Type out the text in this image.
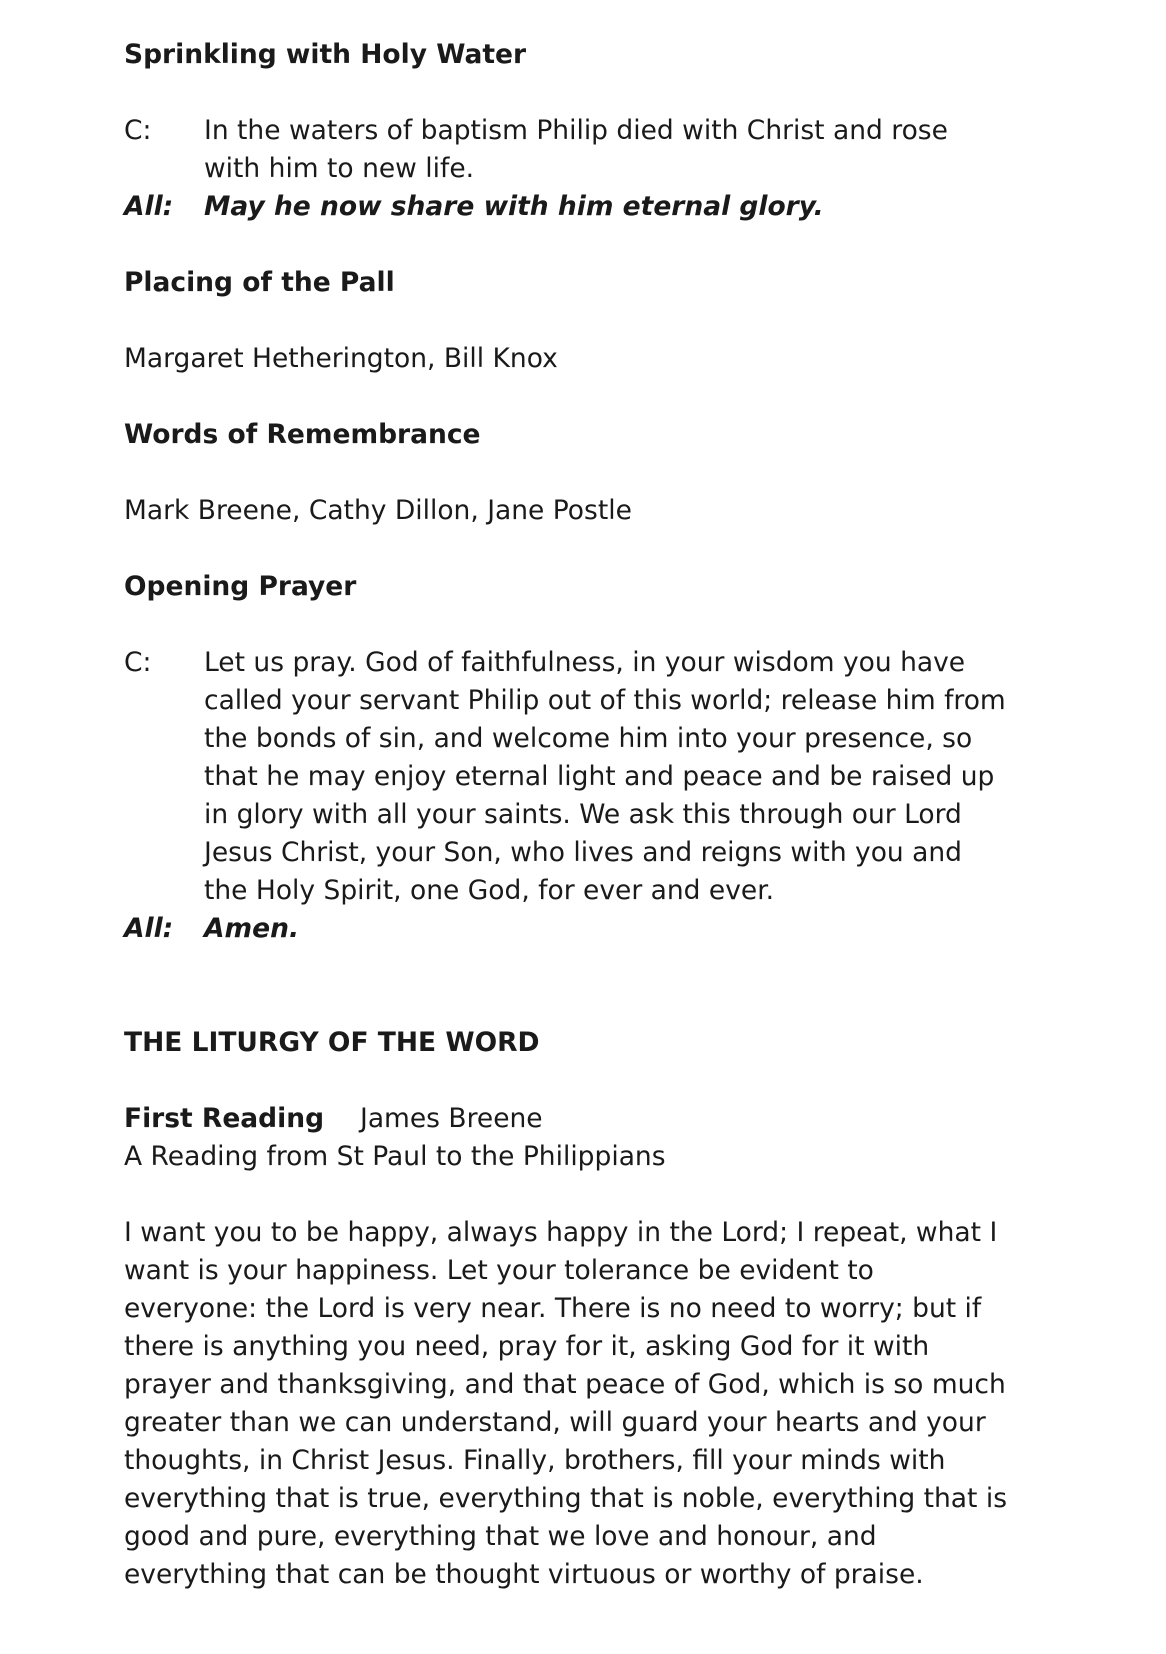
Sprinkling with Holy Water

C:	In the waters of baptism Philip died with Christ and rose

with him to new life.

All:	May he now share with him eternal glory.

Placing of the Pall

Margaret Hetherington, Bill Knox

Words of Remembrance

Mark Breene, Cathy Dillon, Jane Postle

Opening Prayer

C:	Let us pray. God of faithfulness, in your wisdom you have

called your servant Philip out of this world; release him from

the bonds of sin, and welcome him into your presence, so

that he may enjoy eternal light and peace and be raised up

in glory with all your saints. We ask this through our Lord

Jesus Christ, your Son, who lives and reigns with you and

the Holy Spirit, one God, for ever and ever.

All:	Amen.

THE LITURGY OF THE WORD

First Reading	James Breene

A Reading from St Paul to the Philippians

I want you to be happy, always happy in the Lord; I repeat, what I

want is your happiness. Let your tolerance be evident to

everyone: the Lord is very near. There is no need to worry; but if

there is anything you need, pray for it, asking God for it with

prayer and thanksgiving, and that peace of God, which is so much

greater than we can understand, will guard your hearts and your

thoughts, in Christ Jesus. Finally, brothers, fill your minds with

everything that is true, everything that is noble, everything that is

good and pure, everything that we love and honour, and

everything that can be thought virtuous or worthy of praise.
